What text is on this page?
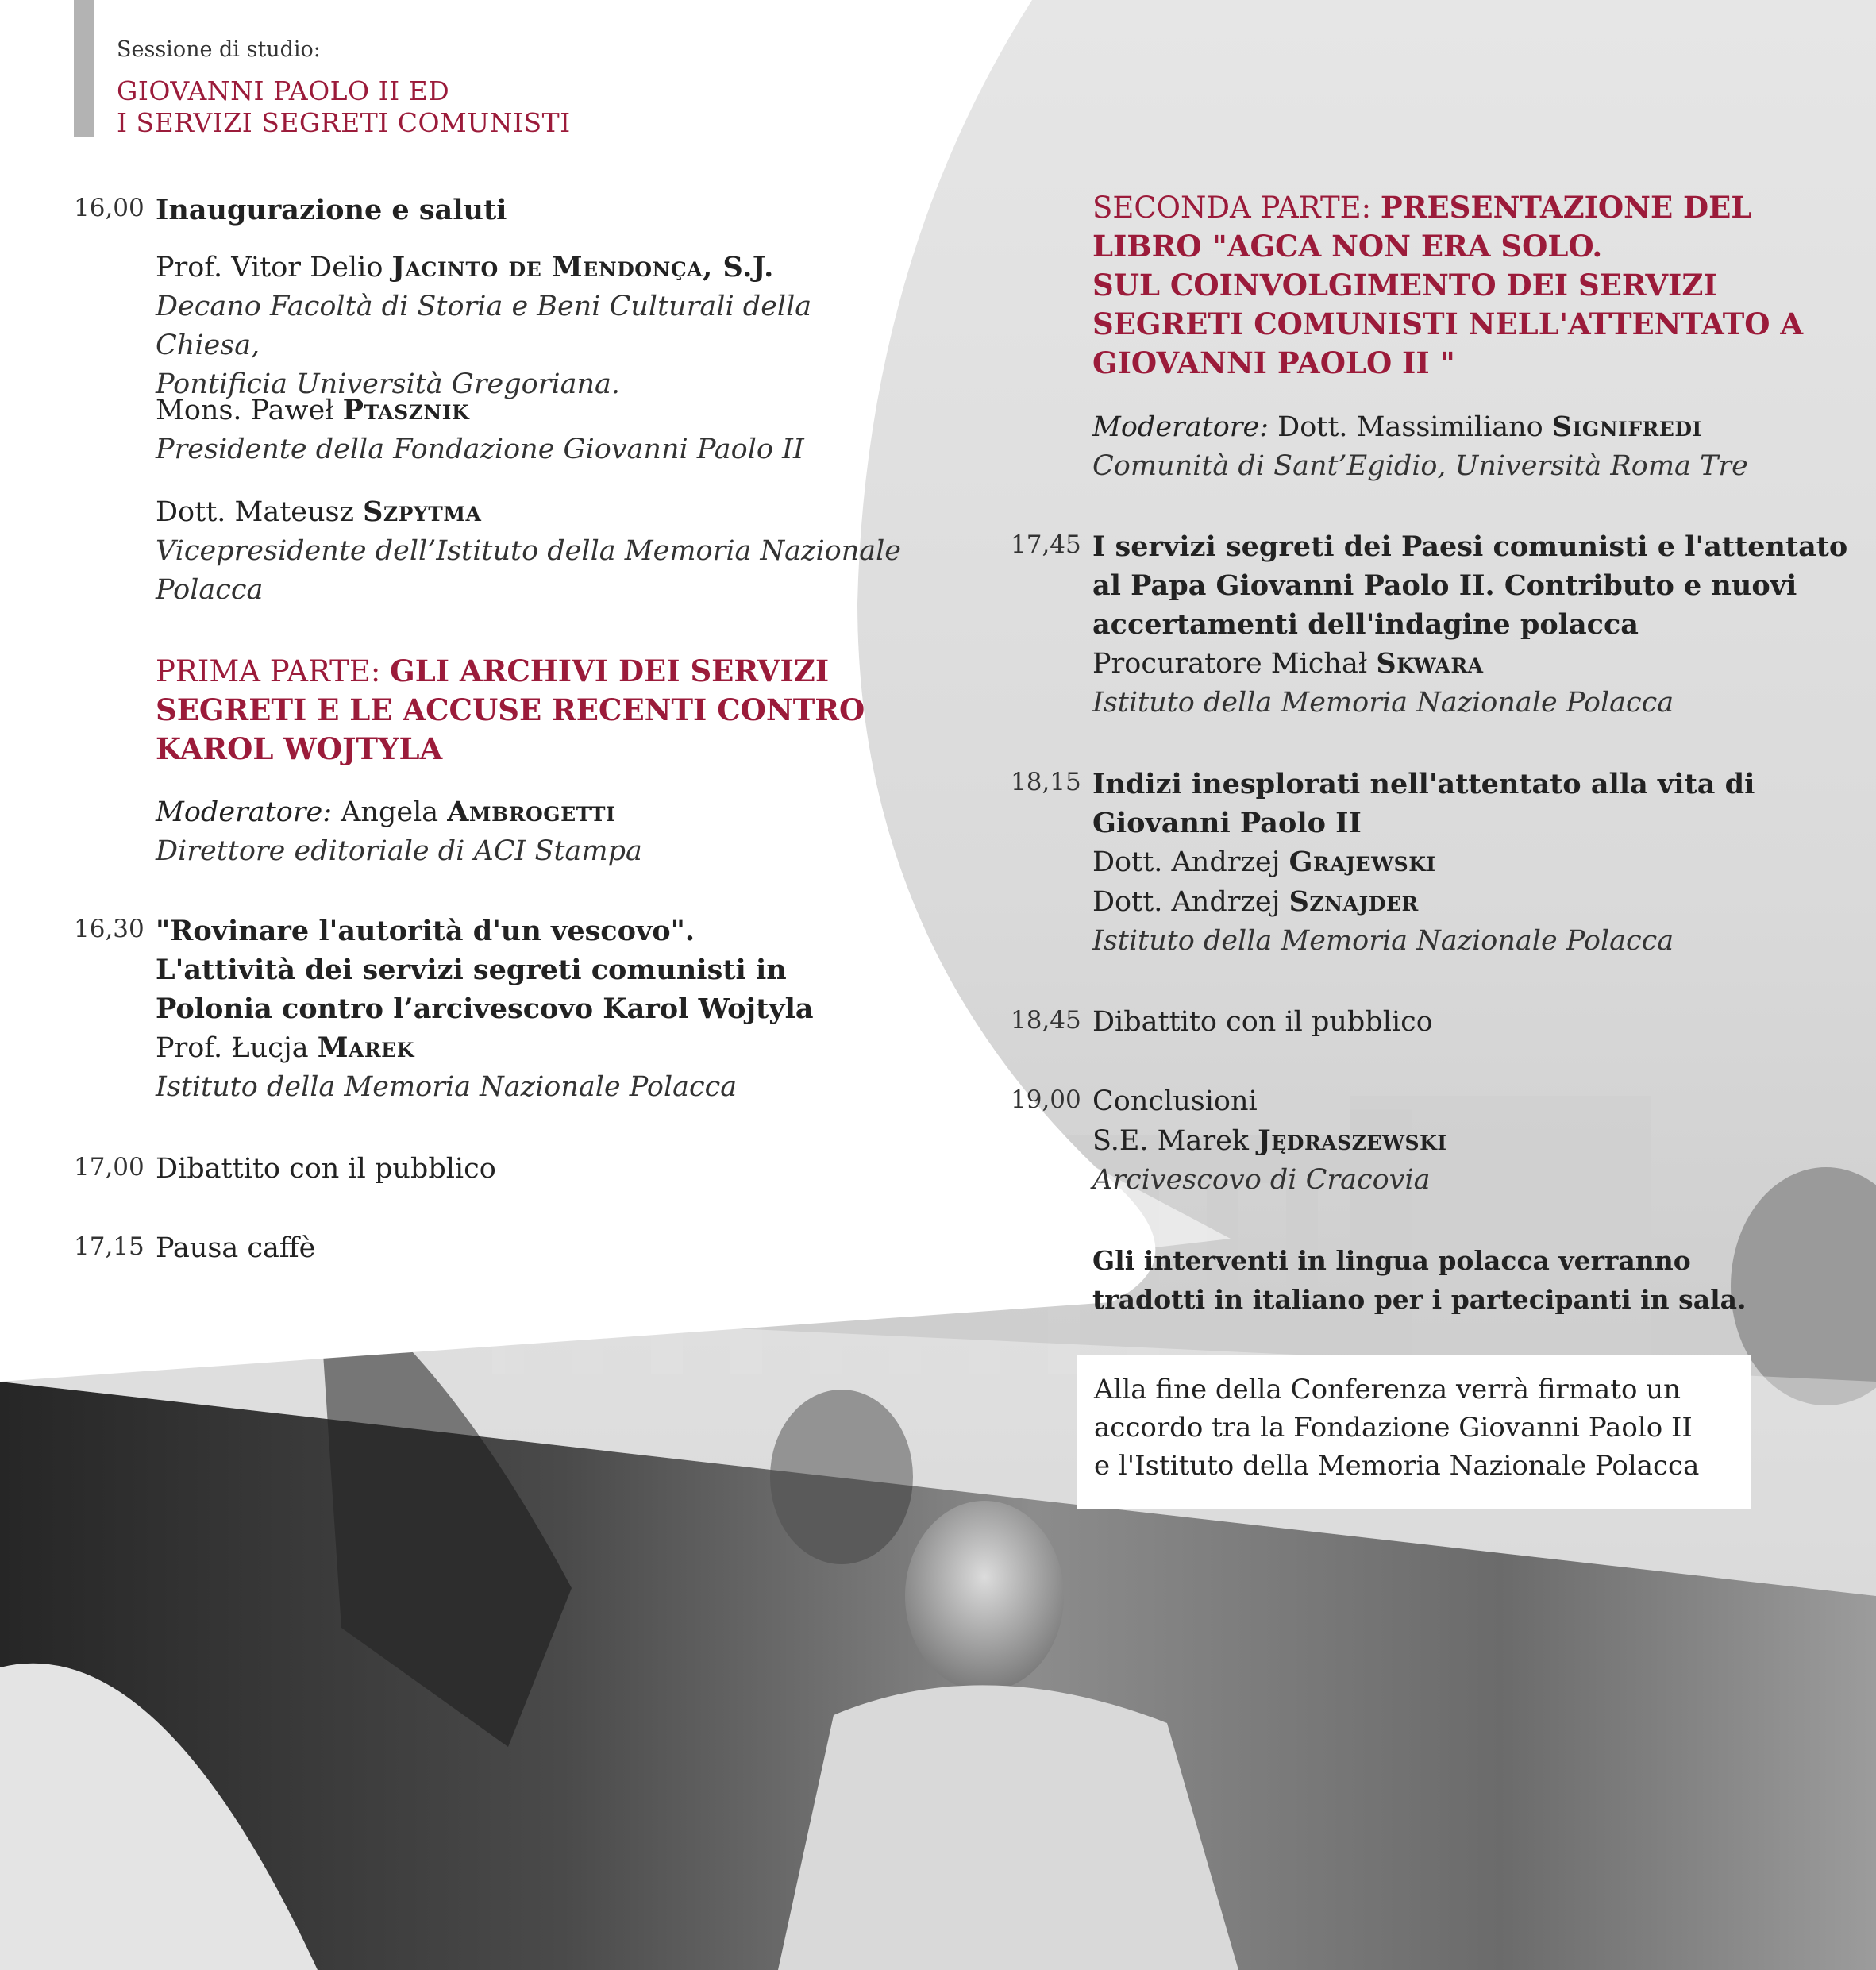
Sessione di studio:
GIOVANNI PAOLO II ED
I SERVIZI SEGRETI COMUNISTI
16,00 Inaugurazione e saluti
Prof. Vitor Delio Jacinto de Mendonça, S.J.
Decano Facoltà di Storia e Beni Culturali della Chiesa,
Pontificia Università Gregoriana.
Mons. Paweł Ptasznik
Presidente della Fondazione Giovanni Paolo II
Dott. Mateusz Szpytma
Vicepresidente dell’Istituto della Memoria Nazionale
Polacca
PRIMA PARTE: GLI ARCHIVI DEI SERVIZI
SEGRETI E LE ACCUSE RECENTI CONTRO
KAROL WOJTYLA
Moderatore: Angela Ambrogetti
Direttore editoriale di ACI Stampa
16,30 "Rovinare l'autorità d'un vescovo".
L'attività dei servizi segreti comunisti in
Polonia contro l’arcivescovo Karol Wojtyla
Prof. Łucja Marek
Istituto della Memoria Nazionale Polacca
17,00 Dibattito con il pubblico
17,15 Pausa caffè
SECONDA PARTE: PRESENTAZIONE DEL
LIBRO "AGCA NON ERA SOLO.
SUL COINVOLGIMENTO DEI SERVIZI
SEGRETI COMUNISTI NELL'ATTENTATO A
GIOVANNI PAOLO II "
Moderatore: Dott. Massimiliano Signifredi
Comunità di Sant’Egidio, Università Roma Tre
17,45 I servizi segreti dei Paesi comunisti e l'attentato
al Papa Giovanni Paolo II. Contributo e nuovi
accertamenti dell'indagine polacca
Procuratore Michał Skwara
Istituto della Memoria Nazionale Polacca
18,15 Indizi inesplorati nell'attentato alla vita di
Giovanni Paolo II
Dott. Andrzej Grajewski
Dott. Andrzej Sznajder
Istituto della Memoria Nazionale Polacca
18,45 Dibattito con il pubblico
19,00 Conclusioni
S.E. Marek Jędraszewski
Arcivescovo di Cracovia
Gli interventi in lingua polacca verranno
tradotti in italiano per i partecipanti in sala.
Alla fine della Conferenza verrà firmato un
accordo tra la Fondazione Giovanni Paolo II
e l'Istituto della Memoria Nazionale Polacca
